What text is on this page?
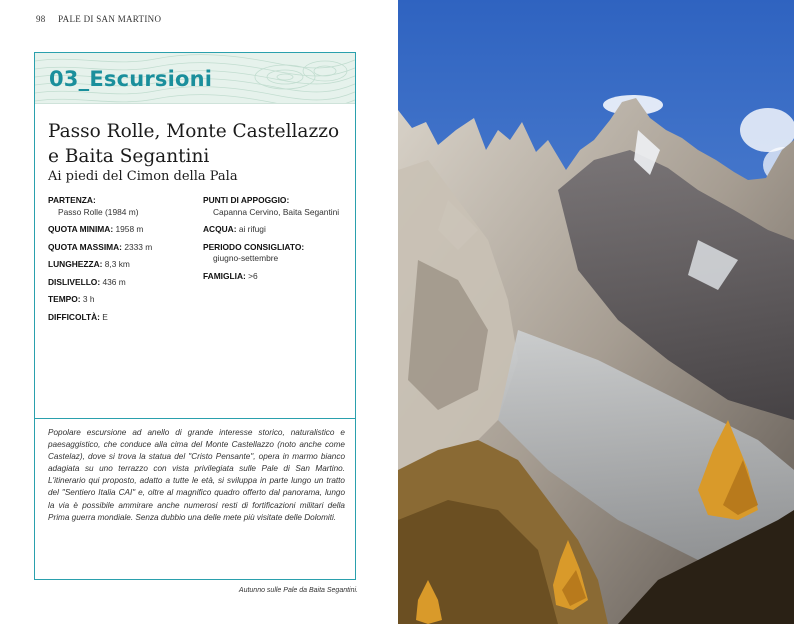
98 PALE DI SAN MARTINO
03_Escursioni
Passo Rolle, Monte Castellazzo
e Baita Segantini
Ai piedi del Cimon della Pala
PARTENZA:
Passo Rolle (1984 m)
QUOTA MINIMA: 1958 m
QUOTA MASSIMA: 2333 m
LUNGHEZZA: 8,3 km
DISLIVELLO: 436 m
TEMPO: 3 h
DIFFICOLTÀ: E
PUNTI DI APPOGGIO:
Capanna Cervino, Baita Segantini
ACQUA: ai rifugi
PERIODO CONSIGLIATO:
giugno-settembre
FAMIGLIA: >6

Popolare escursione ad anello di grande interesse storico, naturalistico e paesaggistico, che conduce alla cima del Monte Castellazzo (noto anche come Castelaz), dove si trova la statua del "Cristo Pensante", opera in marmo bianco adagiata su uno terrazzo con vista privilegiata sulle Pale di San Martino. L'itinerario qui proposto, adatto a tutte le età, si sviluppa in parte lungo un tratto del "Sentiero Italia CAI" e, oltre al magnifico quadro offerto dal panorama, lungo la via è possibile ammirare anche numerosi resti di fortificazioni militari della Prima guerra mondiale. Senza dubbio una delle mete più visitate delle Dolomiti.

Autunno sulle Pale da Baita Segantini.
